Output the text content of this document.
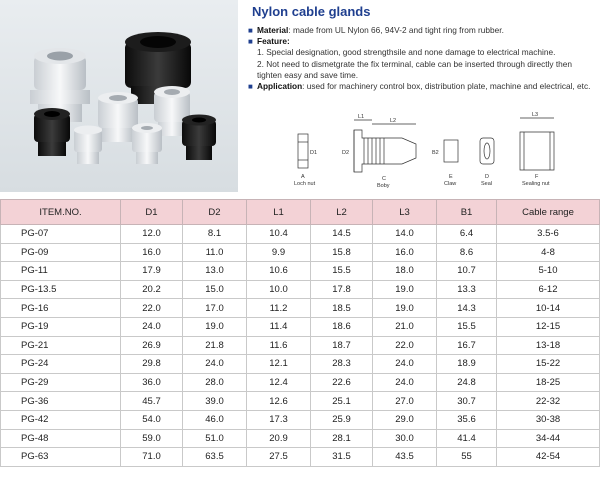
Nylon cable glands
■ Material: made from UL Nylon 66, 94V-2 and tight ring from rubber.
■ Feature:
1. Special designation, good strengthsile and none damage to electrical machine.
2. Not need to dismetgrate the fix terminal, cable can be inserted through directly then tighten easy and save time.
■ Application: used for machinery control box, distribution plate, machine and electrical, etc.
L1
L2
L3
D1	D2	B2
A
Loch nut
C
Boby
E
Claw
D
Seal
F
Sealing nut
ITEM.NO.	D1	D2	L1	L2	L3	B1	Cable range
PG-07	12.0	8.1	10.4	14.5	14.0	6.4	3.5-6
PG-09	16.0	11.0	9.9	15.8	16.0	8.6	4-8
PG-11	17.9	13.0	10.6	15.5	18.0	10.7	5-10
PG-13.5	20.2	15.0	10.0	17.8	19.0	13.3	6-12
PG-16	22.0	17.0	11.2	18.5	19.0	14.3	10-14
PG-19	24.0	19.0	11.4	18.6	21.0	15.5	12-15
PG-21	26.9	21.8	11.6	18.7	22.0	16.7	13-18
PG-24	29.8	24.0	12.1	28.3	24.0	18.9	15-22
PG-29	36.0	28.0	12.4	22.6	24.0	24.8	18-25
PG-36	45.7	39.0	12.6	25.1	27.0	30.7	22-32
PG-42	54.0	46.0	17.3	25.9	29.0	35.6	30-38
PG-48	59.0	51.0	20.9	28.1	30.0	41.4	34-44
PG-63	71.0	63.5	27.5	31.5	43.5	55	42-54
